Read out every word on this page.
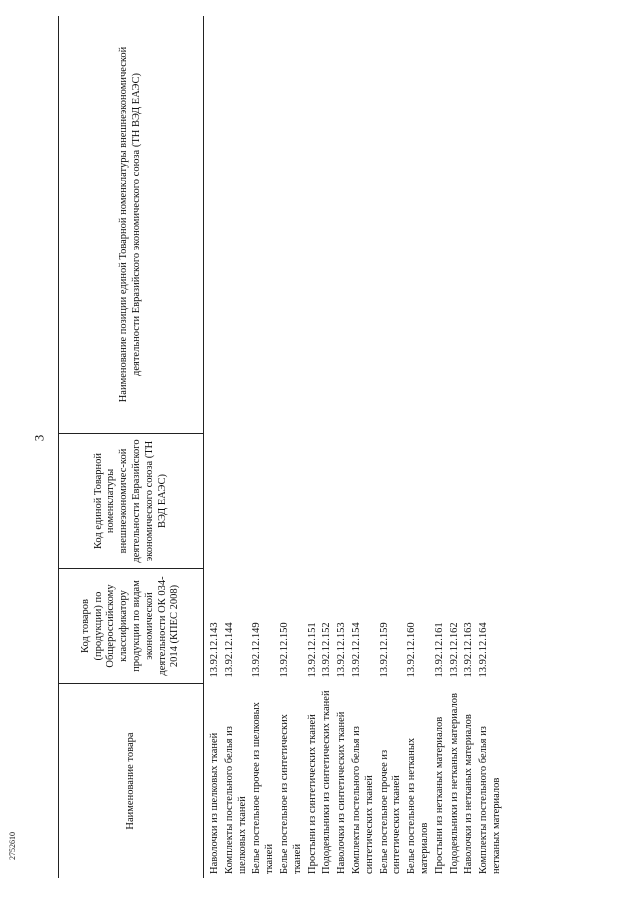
3
2752610
Наименование товара	Код товаров (продукции) по Общероссийскому классификатору продукции по видам экономической деятельности ОК 034-2014 (КПЕС 2008)	Код единой Товарной номенклатуры внешнеэкономичес-кой деятельности Евразийского экономического союза (ТН ВЭД ЕАЭС)	Наименование позиции единой Товарной номенклатуры внешнеэкономической деятельности Евразийского экономического союза (ТН ВЭД ЕАЭС)
Наволочки из шелковых тканей	13.92.12.143		
Комплекты постельного белья из шелковых тканей	13.92.12.144		
Белье постельное прочее из шелковых тканей	13.92.12.149		
Белье постельное из синтетических тканей	13.92.12.150		
Простыни из синтетических тканей	13.92.12.151		
Пододеяльники из синтетических тканей	13.92.12.152		
Наволочки из синтетических тканей	13.92.12.153		
Комплекты постельного белья из синтетических тканей	13.92.12.154		
Белье постельное прочее из синтетических тканей	13.92.12.159		
Белье постельное из нетканых материалов	13.92.12.160		
Простыни из нетканых материалов	13.92.12.161		
Пододеяльники из нетканых материалов	13.92.12.162		
Наволочки из нетканых материалов	13.92.12.163		
Комплекты постельного белья из нетканых материалов	13.92.12.164		
